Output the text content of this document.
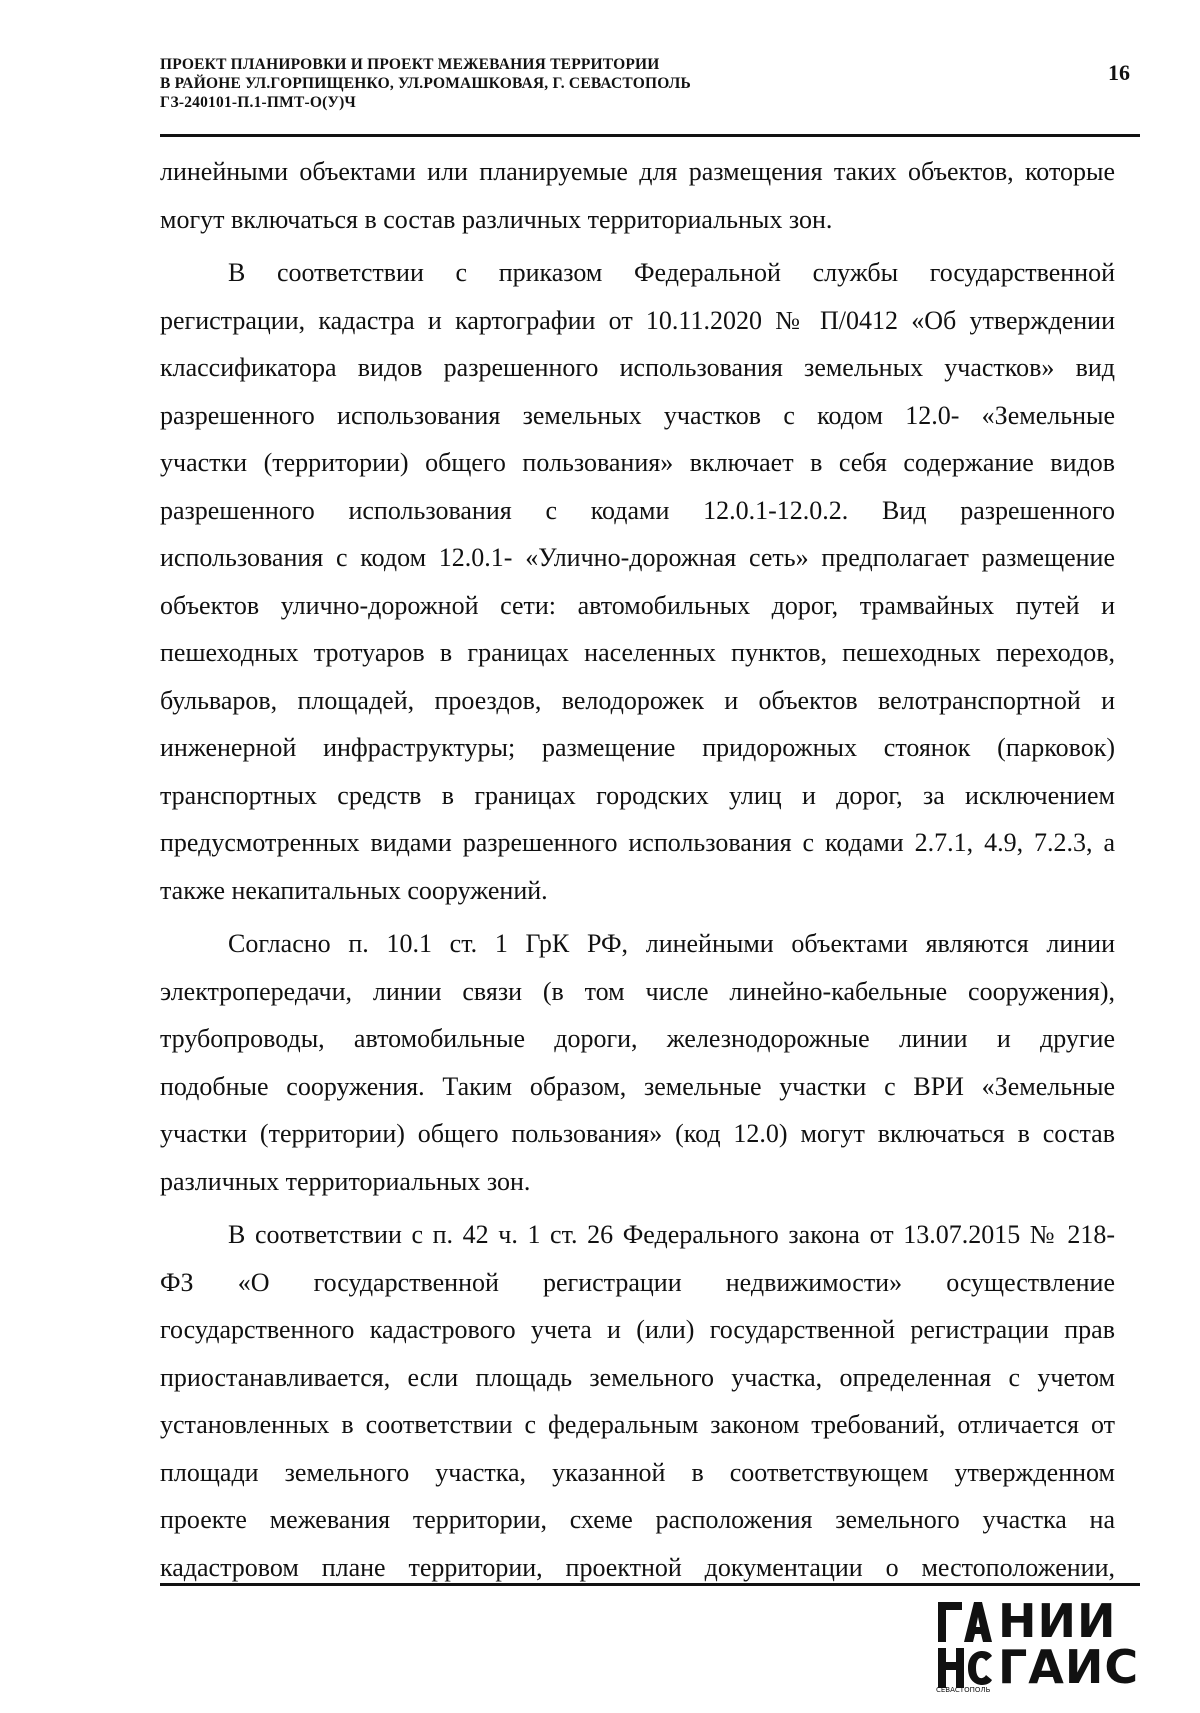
ПРОЕКТ ПЛАНИРОВКИ И ПРОЕКТ МЕЖЕВАНИЯ ТЕРРИТОРИИ
В РАЙОНЕ УЛ.ГОРПИЩЕНКО, УЛ.РОМАШКОВАЯ, Г. СЕВАСТОПОЛЬ
ГЗ-240101-П.1-ПМТ-О(У)Ч
16

линейными объектами или планируемые для размещения таких объектов, которые
могут включаться в состав различных территориальных зон.

В соответствии с приказом Федеральной службы государственной
регистрации, кадастра и картографии от 10.11.2020 № П/0412 «Об утверждении
классификатора видов разрешенного использования земельных участков» вид
разрешенного использования земельных участков с кодом 12.0- «Земельные
участки (территории) общего пользования» включает в себя содержание видов
разрешенного использования с кодами 12.0.1-12.0.2. Вид разрешенного
использования с кодом 12.0.1- «Улично-дорожная сеть» предполагает размещение
объектов улично-дорожной сети: автомобильных дорог, трамвайных путей и
пешеходных тротуаров в границах населенных пунктов, пешеходных переходов,
бульваров, площадей, проездов, велодорожек и объектов велотранспортной и
инженерной инфраструктуры; размещение придорожных стоянок (парковок)
транспортных средств в границах городских улиц и дорог, за исключением
предусмотренных видами разрешенного использования с кодами 2.7.1, 4.9, 7.2.3, а
также некапитальных сооружений.

Согласно п. 10.1 ст. 1 ГрК РФ, линейными объектами являются линии
электропередачи, линии связи (в том числе линейно-кабельные сооружения),
трубопроводы, автомобильные дороги, железнодорожные линии и другие
подобные сооружения. Таким образом, земельные участки с ВРИ «Земельные
участки (территории) общего пользования» (код 12.0) могут включаться в состав
различных территориальных зон.

В соответствии с п. 42 ч. 1 ст. 26 Федерального закона от 13.07.2015 № 218-
ФЗ «О государственной регистрации недвижимости» осуществление
государственного кадастрового учета и (или) государственной регистрации прав
приостанавливается, если площадь земельного участка, определенная с учетом
установленных в соответствии с федеральным законом требований, отличается от
площади земельного участка, указанной в соответствующем утвержденном
проекте межевания территории, схеме расположения земельного участка на
кадастровом плане территории, проектной документации о местоположении,

НИИ
ГАИС
СЕВАСТОПОЛЬ
